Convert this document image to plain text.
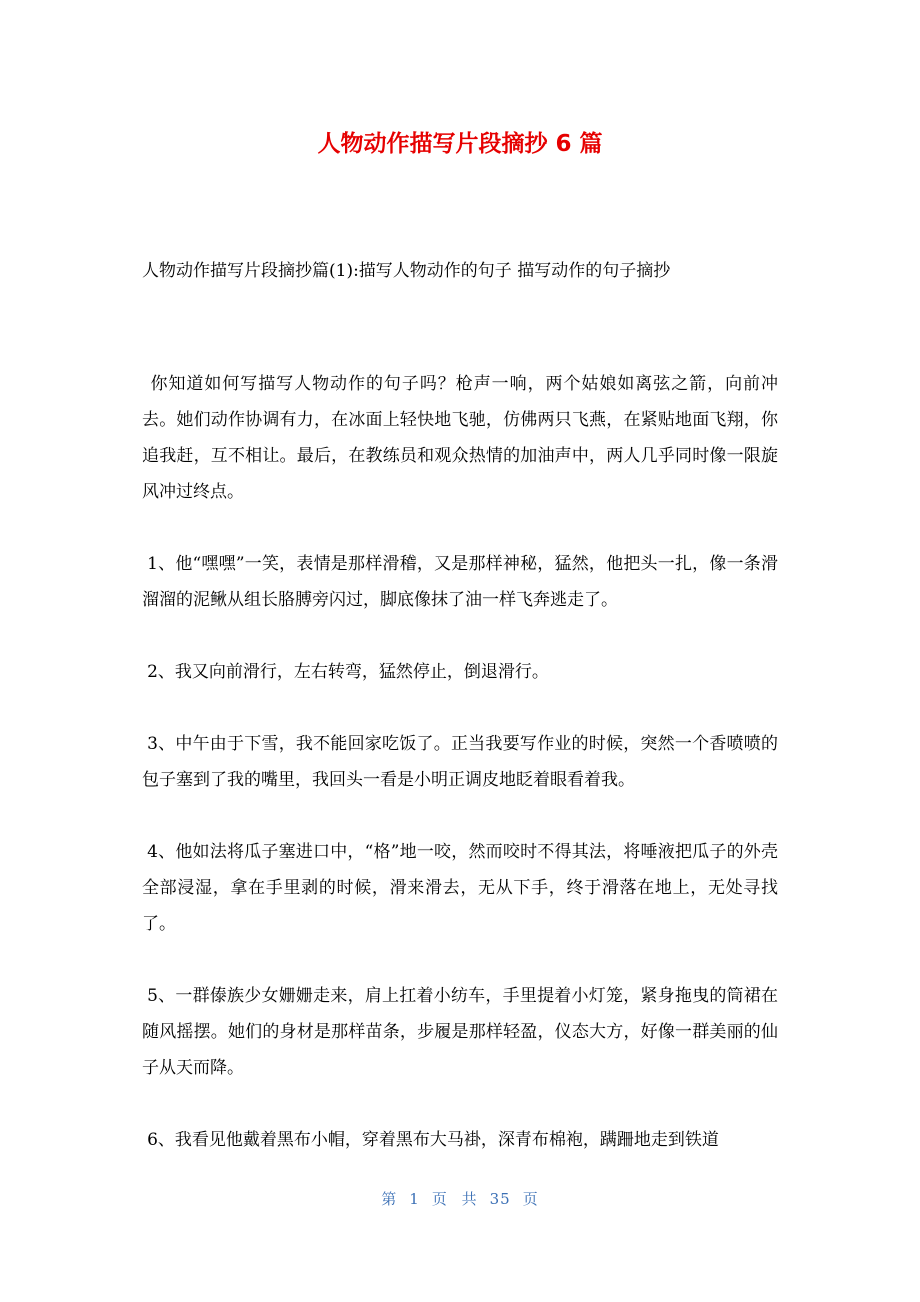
人物动作描写片段摘抄 6 篇

人物动作描写片段摘抄篇(1):描写人物动作的句子 描写动作的句子摘抄

你知道如何写描写人物动作的句子吗？枪声一响，两个姑娘如离弦之箭，向前冲去。她们动作协调有力，在冰面上轻快地飞驰，仿佛两只飞燕，在紧贴地面飞翔，你追我赶，互不相让。最后，在教练员和观众热情的加油声中，两人几乎同时像一限旋风冲过终点。

1、他“嘿嘿”一笑，表情是那样滑稽，又是那样神秘，猛然，他把头一扎，像一条滑溜溜的泥鳅从组长胳膊旁闪过，脚底像抹了油一样飞奔逃走了。

2、我又向前滑行，左右转弯，猛然停止，倒退滑行。

3、中午由于下雪，我不能回家吃饭了。正当我要写作业的时候，突然一个香喷喷的包子塞到了我的嘴里，我回头一看是小明正调皮地眨着眼看着我。

4、他如法将瓜子塞进口中，“格”地一咬，然而咬时不得其法，将唾液把瓜子的外壳全部浸湿，拿在手里剥的时候，滑来滑去，无从下手，终于滑落在地上，无处寻找了。

5、一群傣族少女姗姗走来，肩上扛着小纺车，手里提着小灯笼，紧身拖曳的筒裙在随风摇摆。她们的身材是那样苗条，步履是那样轻盈，仪态大方，好像一群美丽的仙子从天而降。

6、我看见他戴着黑布小帽，穿着黑布大马褂，深青布棉袍，蹒跚地走到铁道

第 1 页 共 35 页
